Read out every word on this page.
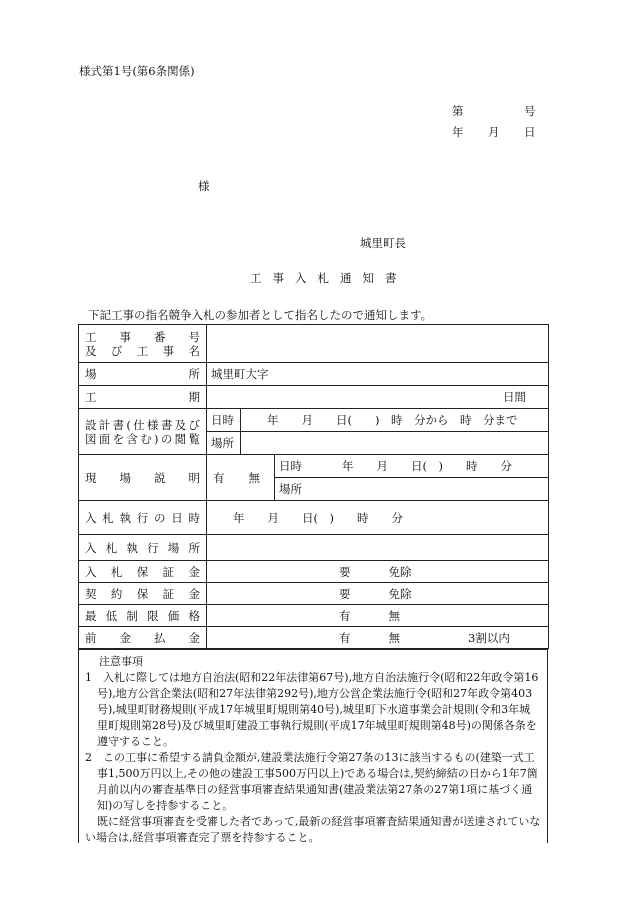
様式第1号(第6条関係)
第	号
年 月 日
様
城里町長
工事入札通知書
下記工事の指名競争入札の参加者として指名したので通知します。
工　事　番　号
及び工事名			

場　　　所	城里町大字		
工　　　期	日間		

設計書(仕様書及び
図面を含む)の閲覧	日時	年　　月　　日(　　)　時　分から　時　分まで	
	場所		
現　場　説　明	有 無		日時 年　　月　　日(　)　　時　　分
			場所
入札執行の日時	年　　月　　日(　)　　時　　分		
入札執行場所			
入札保証金	要 免除		
契約保証金	要 免除		
最低制限価格	有 無		
前　金　払　金	有 無 3割以内		

注意事項

1　入札に際しては地方自治法(昭和22年法律第67号),地方自治法施行令(昭和22年政令第16号),地方公営企業法(昭和27年法律第292号),地方公営企業法施行令(昭和27年政令第403号),城里町財務規則(平成17年城里町規則第40号),城里町下水道事業会計規則(令和3年城里町規則第28号)及び城里町建設工事執行規則(平成17年城里町規則第48号)の関係各条を遵守すること。

2　この工事に希望する請負金額が,建設業法施行令第27条の13に該当するもの(建築一式工事1,500万円以上,その他の建設工事500万円以上)である場合は,契約締結の日から1年7箇月前以内の審査基準日の経営事項審査結果通知書(建設業法第27条の27第1項に基づく通知)の写しを持参すること。

既に経営事項審査を受審した者であって,最新の経営事項審査結果通知書が送達されていない場合は,経営事項審査完了票を持参すること。
